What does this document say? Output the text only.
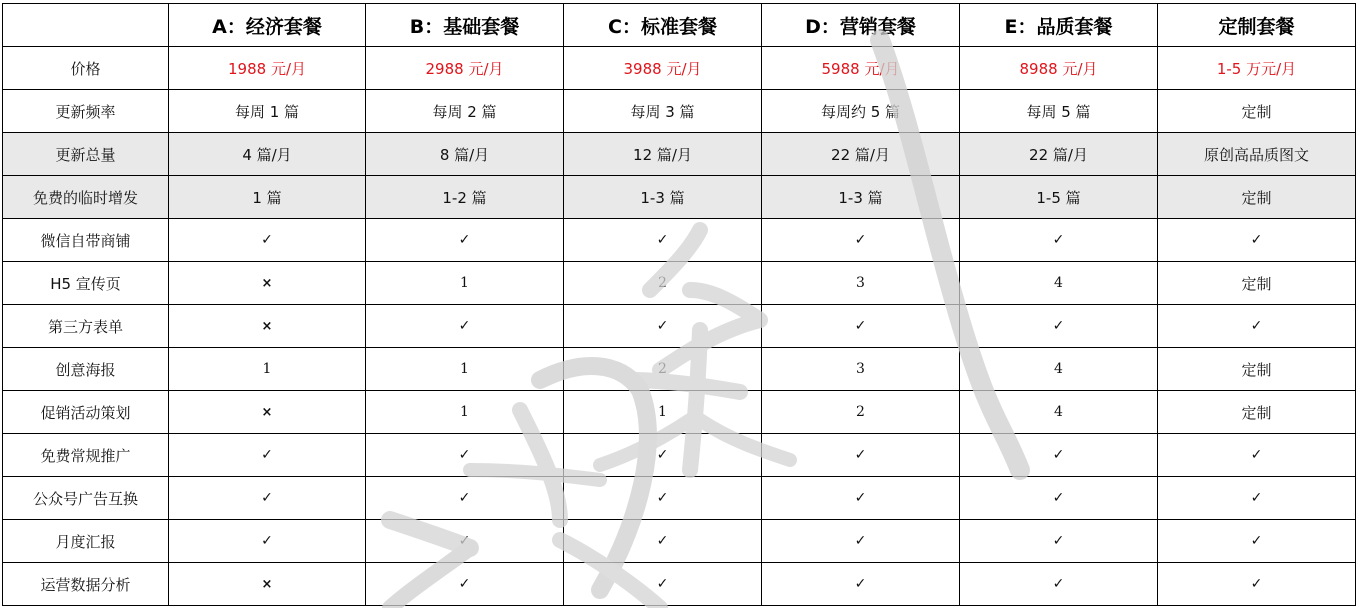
	A：经济套餐	B：基础套餐	C：标准套餐	D：营销套餐	E：品质套餐	定制套餐
价格	1988 元/月	2988 元/月	3988 元/月	5988 元/月	8988 元/月	1-5 万元/月
更新频率	每周 1 篇	每周 2 篇	每周 3 篇	每周约 5 篇	每周 5 篇	定制
更新总量	4 篇/月	8 篇/月	12 篇/月	22 篇/月	22 篇/月	原创高品质图文
免费的临时增发	1 篇	1-2 篇	1-3 篇	1-3 篇	1-5 篇	定制
微信自带商铺	✓	✓	✓	✓	✓	✓
H5 宣传页	×	1	2	3	4	定制
第三方表单	×	✓	✓	✓	✓	✓
创意海报	1	1	2	3	4	定制
促销活动策划	×	1	1	2	4	定制
免费常规推广	✓	✓	✓	✓	✓	✓
公众号广告互换	✓	✓	✓	✓	✓	✓
月度汇报	✓	✓	✓	✓	✓	✓
运营数据分析	×	✓	✓	✓	✓	✓
